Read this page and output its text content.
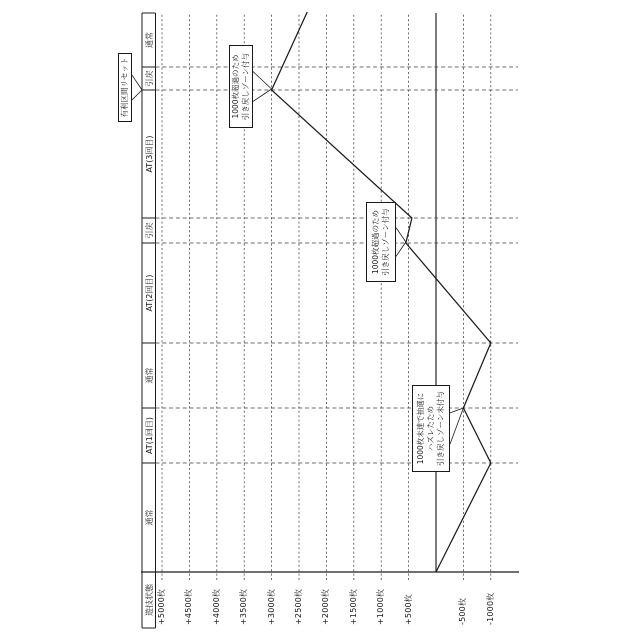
+5000枚 +4500枚 +4000枚 +3500枚 +3000枚 +2500枚 +2000枚 +1500枚 +1000枚 +500枚	-500枚 -1000枚
遊技状態
通常
AT(1回目)
通常
AT(2回目)
引戻
AT(3回目)
引戻
通常
有利区間リセット	1000枚超過のため 引き戻しゾーン付与
1000枚超過のため 引き戻しゾーン付与
1000枚未達で抽選に ハズレたため 引き戻しゾーン未付与
